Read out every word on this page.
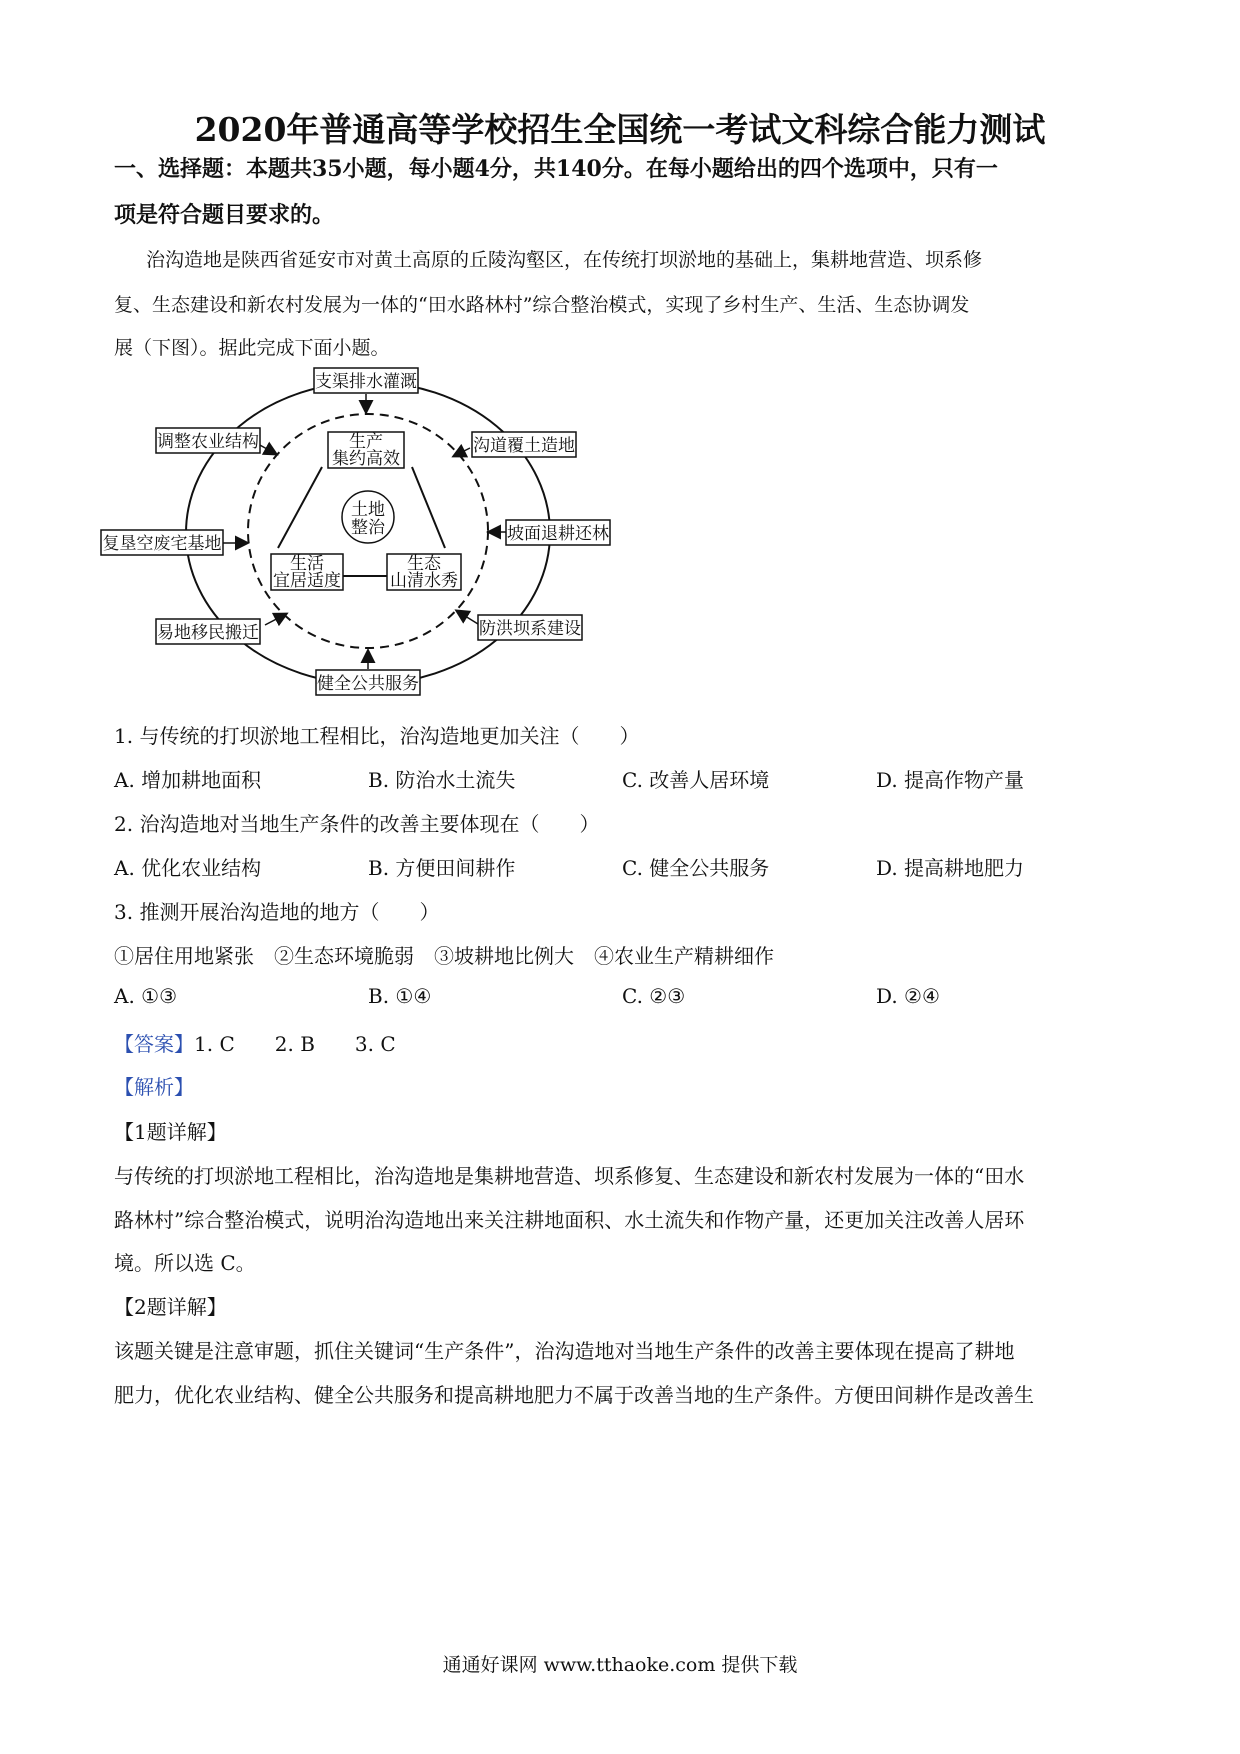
2020年普通高等学校招生全国统一考试文科综合能力测试
一、选择题：本题共35小题，每小题4分，共140分。在每小题给出的四个选项中，只有一
项是符合题目要求的。
治沟造地是陕西省延安市对黄土高原的丘陵沟壑区，在传统打坝淤地的基础上，集耕地营造、坝系修
复、生态建设和新农村发展为一体的“田水路林村”综合整治模式，实现了乡村生产、生活、生态协调发
展（下图）。据此完成下面小题。
生产
集约高效
土地
整治
生活
宜居适度
生态
山清水秀
支渠排水灌溉
调整农业结构	沟道覆土造地
复垦空废宅基地	坡面退耕还林
易地移民搬迁	防洪坝系建设
健全公共服务
1. 与传统的打坝淤地工程相比，治沟造地更加关注（　　）
A. 增加耕地面积	B. 防治水土流失	C. 改善人居环境	D. 提高作物产量
2. 治沟造地对当地生产条件的改善主要体现在（　　）
A. 优化农业结构	B. 方便田间耕作	C. 健全公共服务	D. 提高耕地肥力
3. 推测开展治沟造地的地方（　　）
①居住用地紧张　②生态环境脆弱　③坡耕地比例大　④农业生产精耕细作
A. ①③	B. ①④	C. ②③	D. ②④
【答案】1. C 2. B 3. C
【解析】
【1题详解】
与传统的打坝淤地工程相比，治沟造地是集耕地营造、坝系修复、生态建设和新农村发展为一体的“田水
路林村”综合整治模式，说明治沟造地出来关注耕地面积、水土流失和作物产量，还更加关注改善人居环
境。所以选 C。
【2题详解】
该题关键是注意审题，抓住关键词“生产条件”，治沟造地对当地生产条件的改善主要体现在提高了耕地
肥力，优化农业结构、健全公共服务和提高耕地肥力不属于改善当地的生产条件。方便田间耕作是改善生
通通好课网 www.tthaoke.com 提供下载
